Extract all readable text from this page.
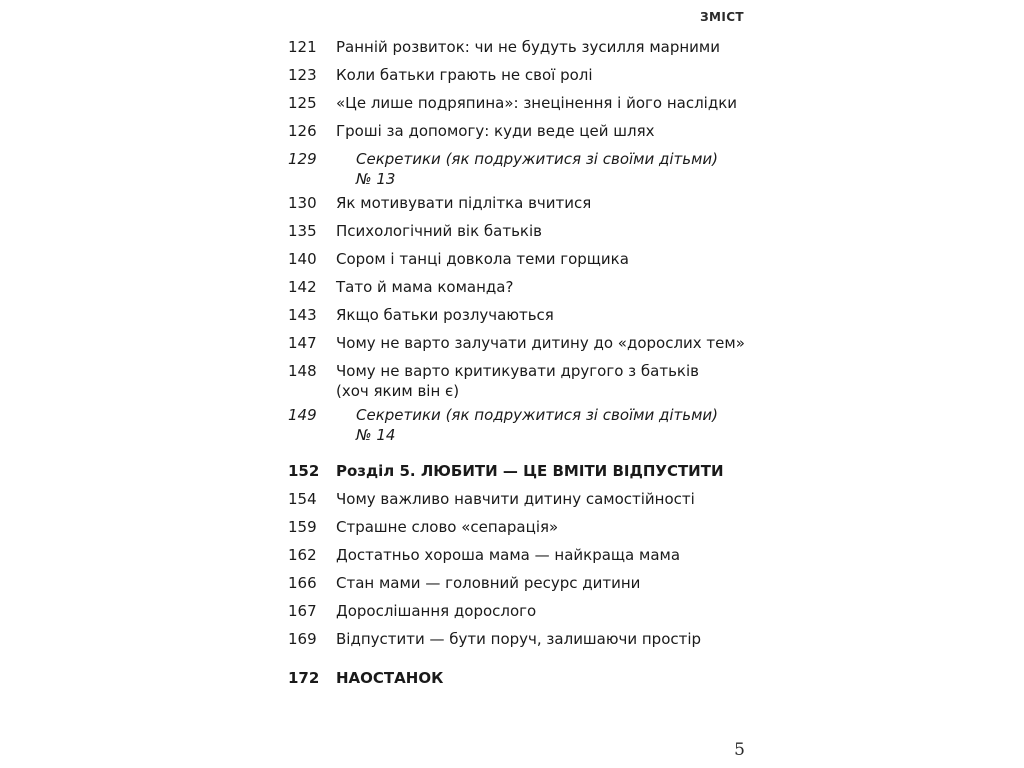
ЗМІСТ
121	Ранній розвиток: чи не будуть зусилля марними
123	Коли батьки грають не свої ролі
125	«Це лише подряпина»: знецінення і його наслідки
126	Гроші за допомогу: куди веде цей шлях
129	Секретики (як подружитися зі своїми дітьми)
№ 13
130	Як мотивувати підлітка вчитися
135	Психологічний вік батьків
140	Сором і танці довкола теми горщика
142	Тато й мама команда?
143	Якщо батьки розлучаються
147	Чому не варто залучати дитину до «дорослих тем»
148	Чому не варто критикувати другого з батьків
(хоч яким він є)
149	Секретики (як подружитися зі своїми дітьми)
№ 14
152	Розділ 5. ЛЮБИТИ — ЦЕ ВМІТИ ВІДПУСТИТИ
154	Чому важливо навчити дитину самостійності
159	Страшне слово «сепарація»
162	Достатньо хороша мама — найкраща мама
166	Стан мами — головний ресурс дитини
167	Дорослішання дорослого
169	Відпустити — бути поруч, залишаючи простір
172	НАОСТАНОК
5
